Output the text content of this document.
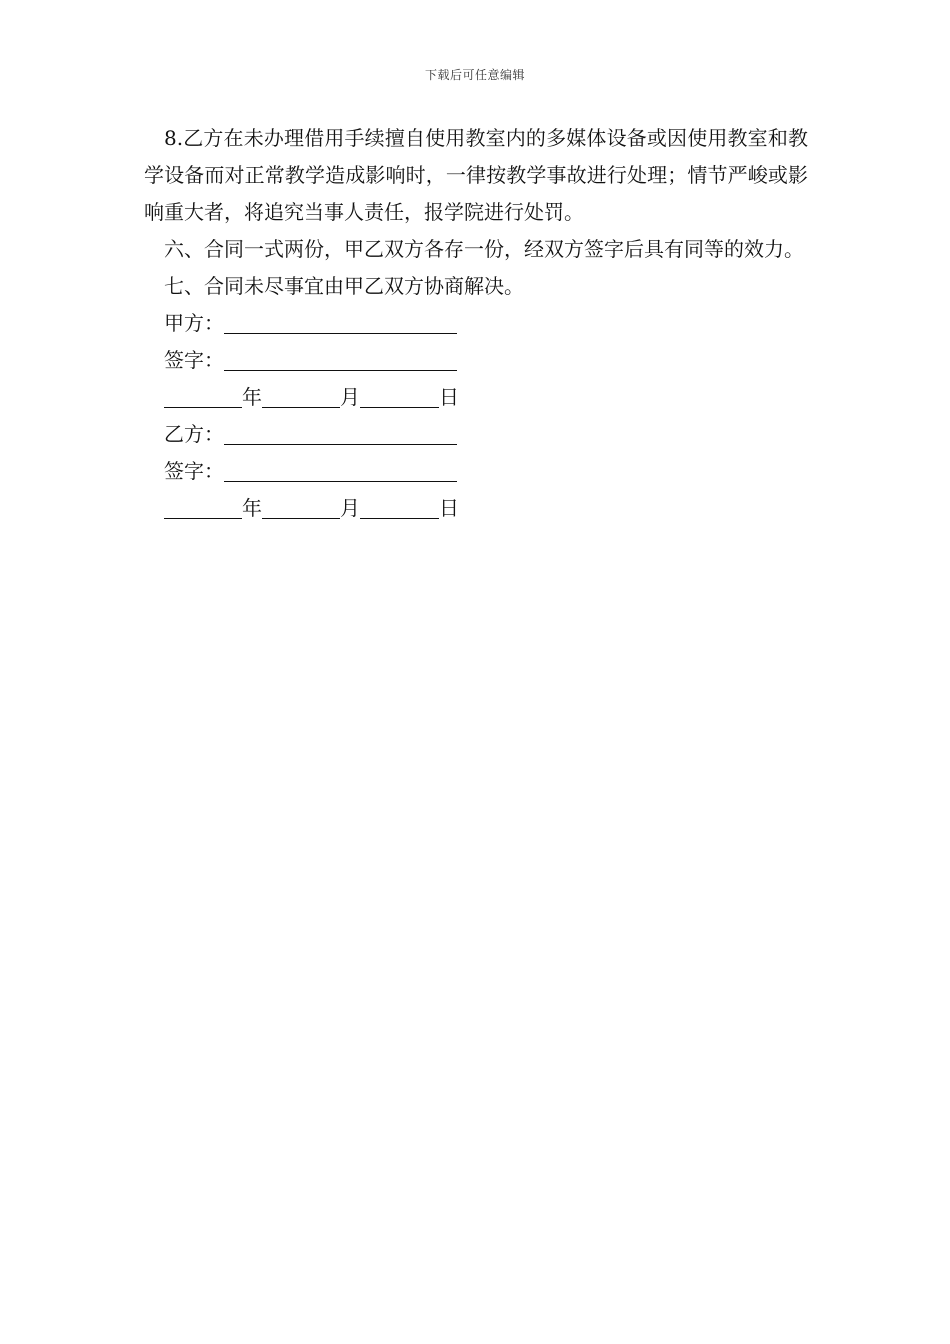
下载后可任意编辑

8.乙方在未办理借用手续擅自使用教室内的多媒体设备或因使用教室和教学设备而对正常教学造成影响时，一律按教学事故进行处理；情节严峻或影响重大者，将追究当事人责任，报学院进行处罚。

六、合同一式两份，甲乙双方各存一份，经双方签字后具有同等的效力。

七、合同未尽事宜由甲乙双方协商解决。

甲方：
签字：
年	月	日
乙方：
签字：
年	月	日
